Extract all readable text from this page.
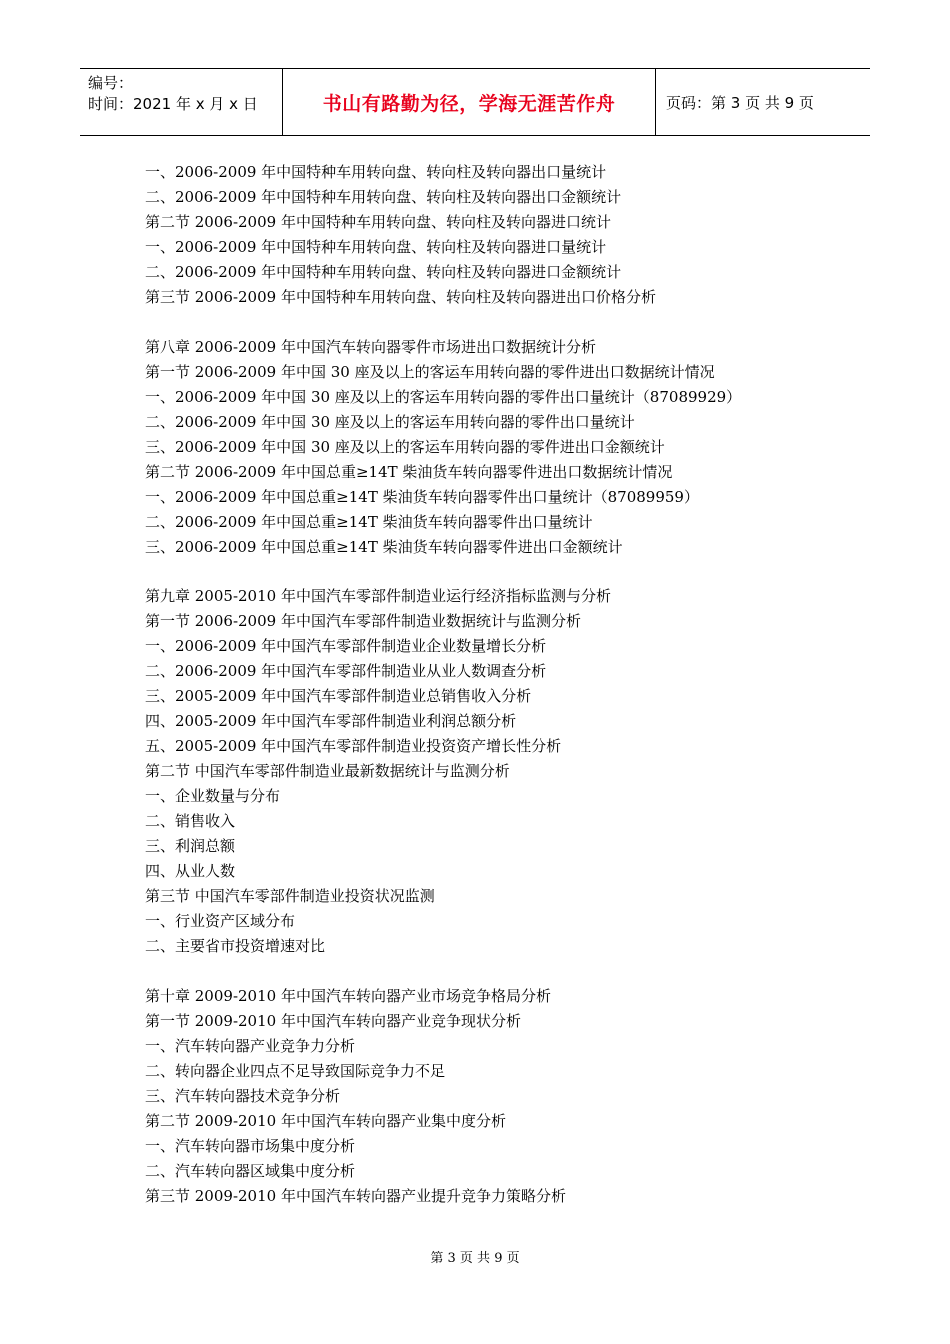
编号：
时间：2021 年 x 月 x 日	书山有路勤为径，学海无涯苦作舟	页码：第 3 页 共 9 页
一、2006-2009 年中国特种车用转向盘、转向柱及转向器出口量统计
二、2006-2009 年中国特种车用转向盘、转向柱及转向器出口金额统计
第二节 2006-2009 年中国特种车用转向盘、转向柱及转向器进口统计
一、2006-2009 年中国特种车用转向盘、转向柱及转向器进口量统计
二、2006-2009 年中国特种车用转向盘、转向柱及转向器进口金额统计
第三节 2006-2009 年中国特种车用转向盘、转向柱及转向器进出口价格分析
第八章 2006-2009 年中国汽车转向器零件市场进出口数据统计分析
第一节 2006-2009 年中国 30 座及以上的客运车用转向器的零件进出口数据统计情况
一、2006-2009 年中国 30 座及以上的客运车用转向器的零件出口量统计（87089929）
二、2006-2009 年中国 30 座及以上的客运车用转向器的零件出口量统计
三、2006-2009 年中国 30 座及以上的客运车用转向器的零件进出口金额统计
第二节 2006-2009 年中国总重≥14T 柴油货车转向器零件进出口数据统计情况
一、2006-2009 年中国总重≥14T 柴油货车转向器零件出口量统计（87089959）
二、2006-2009 年中国总重≥14T 柴油货车转向器零件出口量统计
三、2006-2009 年中国总重≥14T 柴油货车转向器零件进出口金额统计
第九章 2005-2010 年中国汽车零部件制造业运行经济指标监测与分析
第一节 2006-2009 年中国汽车零部件制造业数据统计与监测分析
一、2006-2009 年中国汽车零部件制造业企业数量增长分析
二、2006-2009 年中国汽车零部件制造业从业人数调查分析
三、2005-2009 年中国汽车零部件制造业总销售收入分析
四、2005-2009 年中国汽车零部件制造业利润总额分析
五、2005-2009 年中国汽车零部件制造业投资资产增长性分析
第二节 中国汽车零部件制造业最新数据统计与监测分析
一、企业数量与分布
二、销售收入
三、利润总额
四、从业人数
第三节 中国汽车零部件制造业投资状况监测
一、行业资产区域分布
二、主要省市投资增速对比
第十章 2009-2010 年中国汽车转向器产业市场竞争格局分析
第一节 2009-2010 年中国汽车转向器产业竞争现状分析
一、汽车转向器产业竞争力分析
二、转向器企业四点不足导致国际竞争力不足
三、汽车转向器技术竞争分析
第二节 2009-2010 年中国汽车转向器产业集中度分析
一、汽车转向器市场集中度分析
二、汽车转向器区域集中度分析
第三节 2009-2010 年中国汽车转向器产业提升竞争力策略分析
第 3 页 共 9 页
